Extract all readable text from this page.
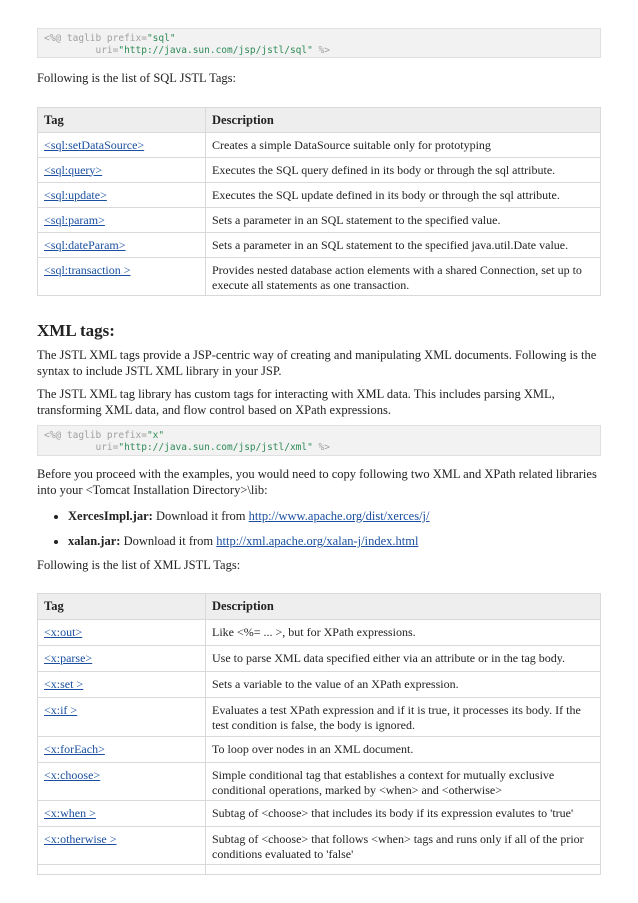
<%@ taglib prefix="sql"
uri="http://java.sun.com/jsp/jstl/sql" %>

Following is the list of SQL JSTL Tags:

Tag	Description
<sql:setDataSource>	Creates a simple DataSource suitable only for prototyping
<sql:query>	Executes the SQL query defined in its body or through the sql attribute.
<sql:update>	Executes the SQL update defined in its body or through the sql attribute.
<sql:param>	Sets a parameter in an SQL statement to the specified value.
<sql:dateParam>	Sets a parameter in an SQL statement to the specified java.util.Date value.
<sql:transaction >	Provides nested database action elements with a shared Connection, set up to execute all statements as one transaction.
XML tags:

The JSTL XML tags provide a JSP-centric way of creating and manipulating XML documents. Following is the syntax to include JSTL XML library in your JSP.

The JSTL XML tag library has custom tags for interacting with XML data. This includes parsing XML, transforming XML data, and flow control based on XPath expressions.

<%@ taglib prefix="x"
uri="http://java.sun.com/jsp/jstl/xml" %>

Before you proceed with the examples, you would need to copy following two XML and XPath related libraries into your <Tomcat Installation Directory>\lib:

• XercesImpl.jar: Download it from http://www.apache.org/dist/xerces/j/
• xalan.jar: Download it from http://xml.apache.org/xalan-j/index.html

Following is the list of XML JSTL Tags:

Tag	Description
<x:out>	Like <%= ... >, but for XPath expressions.
<x:parse>	Use to parse XML data specified either via an attribute or in the tag body.
<x:set >	Sets a variable to the value of an XPath expression.
<x:if >	Evaluates a test XPath expression and if it is true, it processes its body. If the test condition is false, the body is ignored.
<x:forEach>	To loop over nodes in an XML document.
<x:choose>	Simple conditional tag that establishes a context for mutually exclusive conditional operations, marked by <when> and <otherwise>
<x:when >	Subtag of <choose> that includes its body if its expression evalutes to 'true'
<x:otherwise >	Subtag of <choose> that follows <when> tags and runs only if all of the prior conditions evaluated to 'false'
